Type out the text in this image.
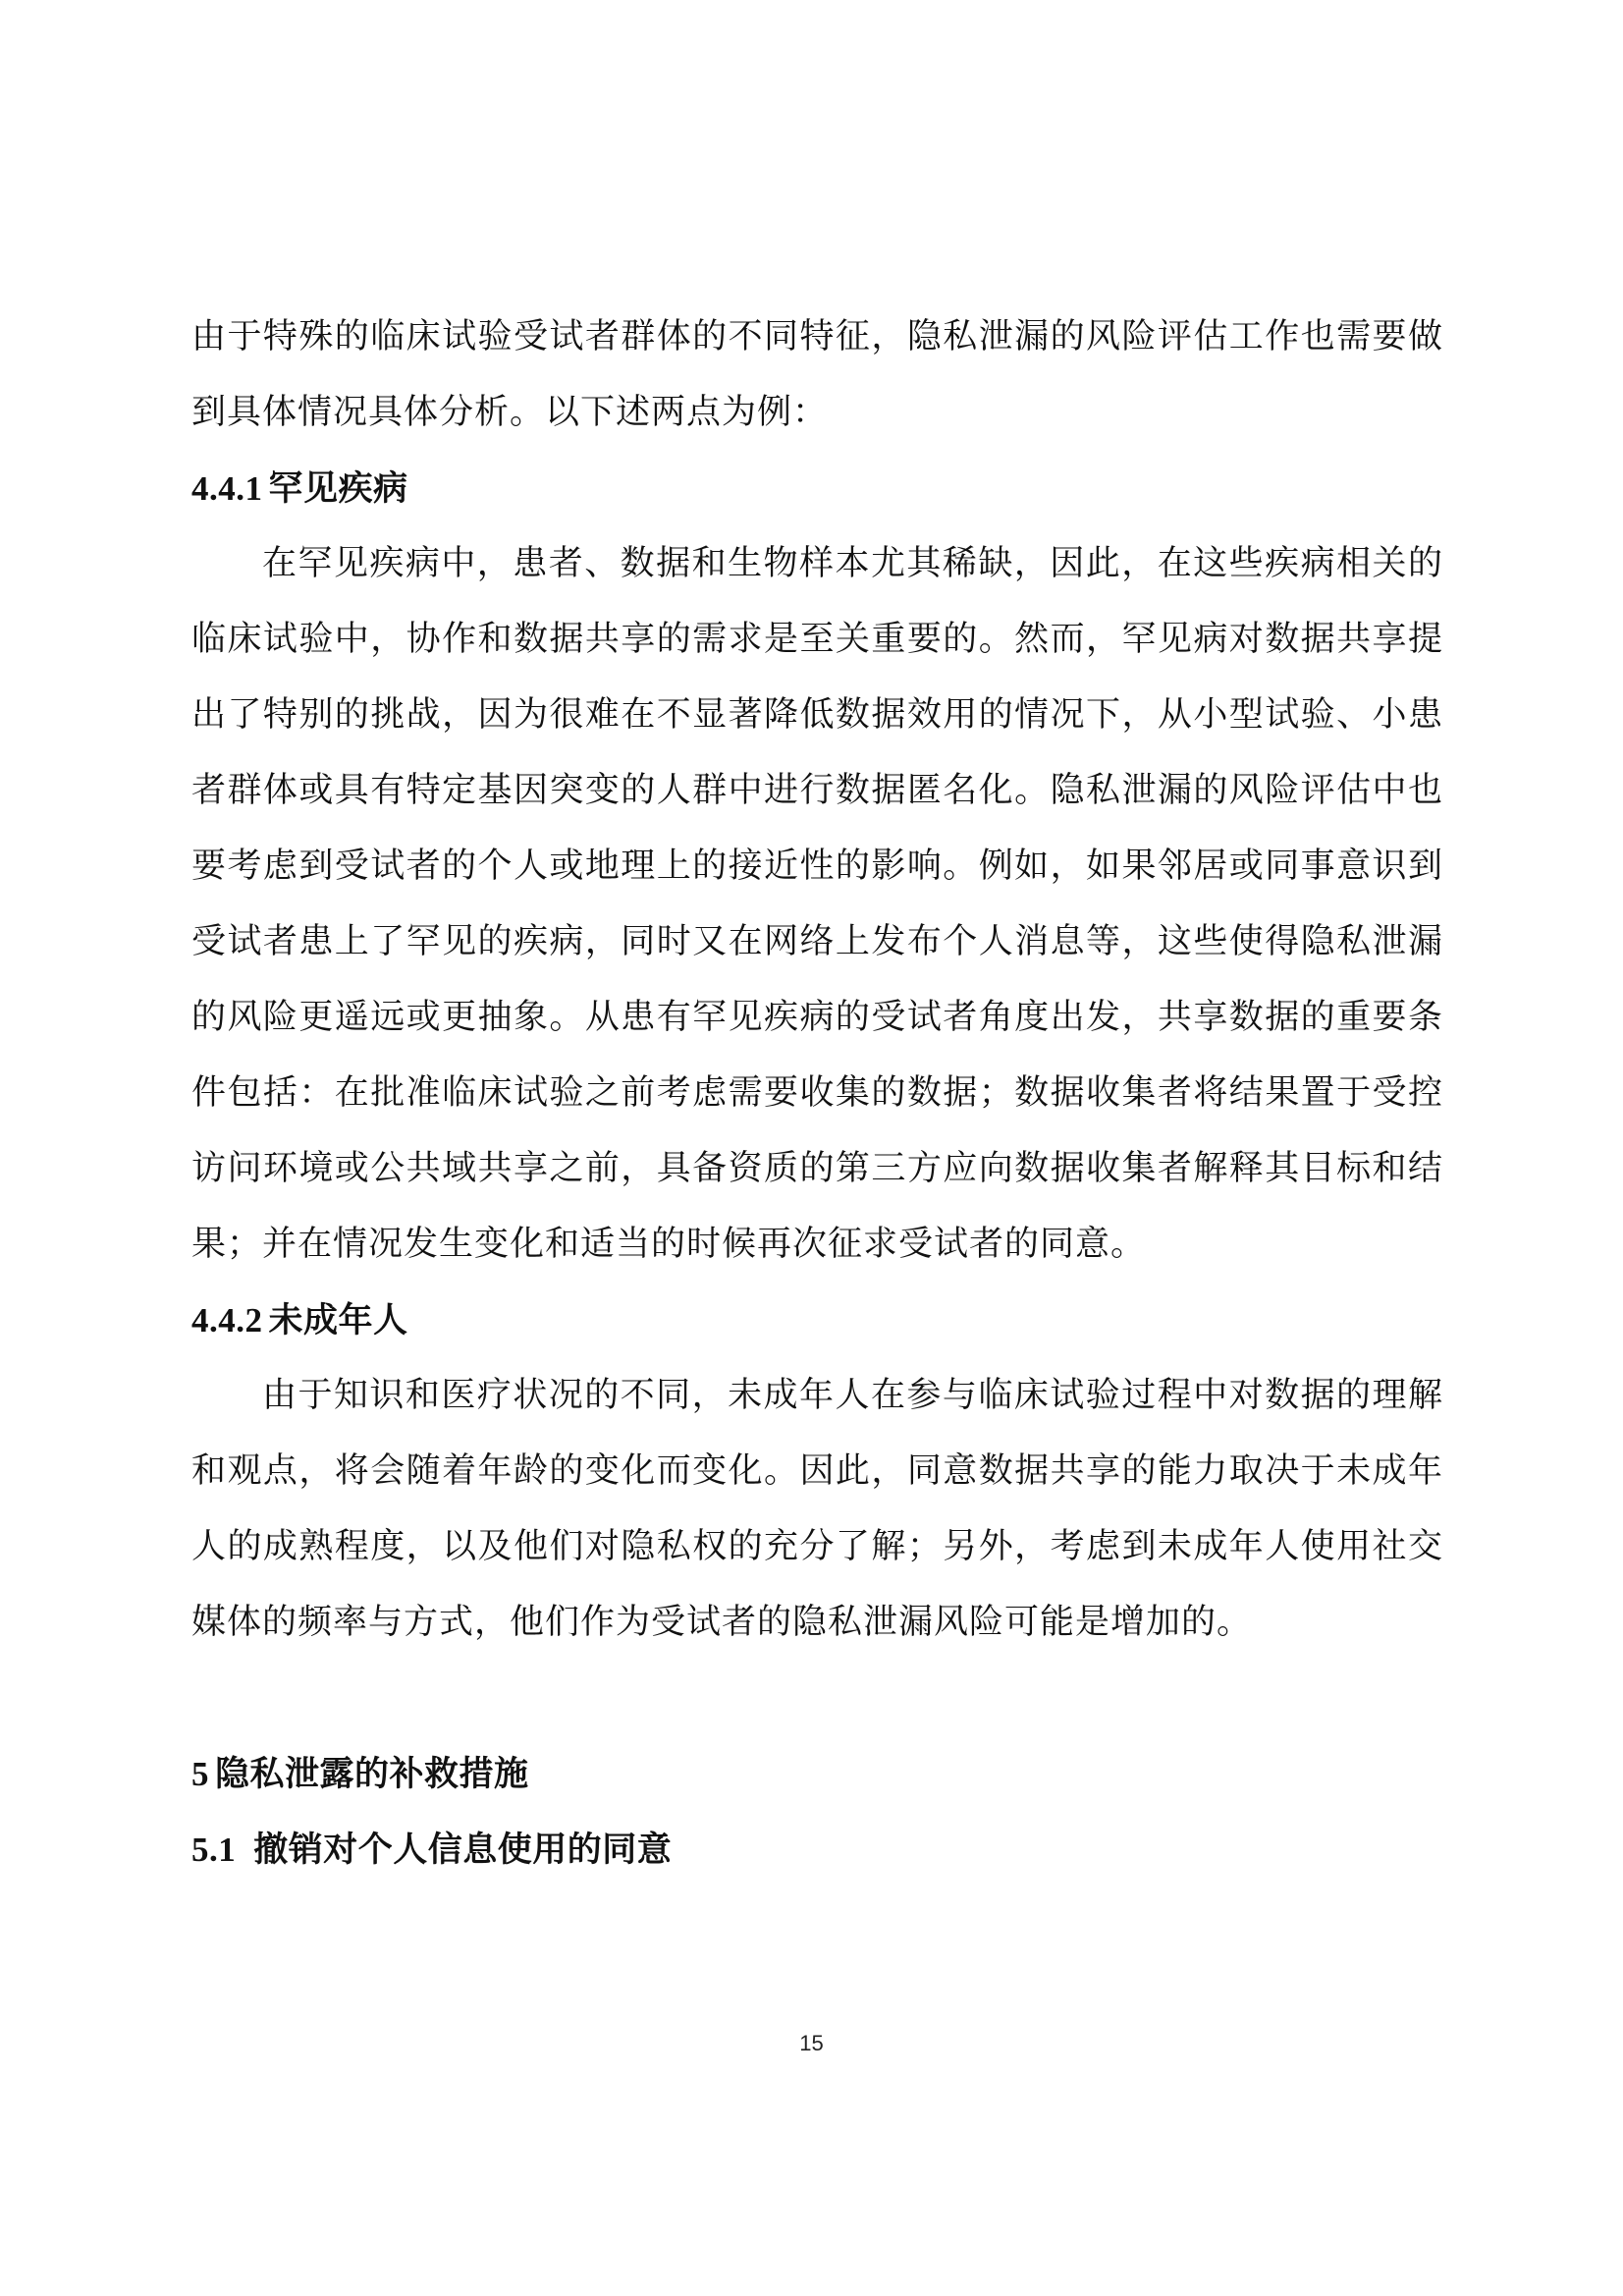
由于特殊的临床试验受试者群体的不同特征，隐私泄漏的风险评估工作也需要做到具体情况具体分析。以下述两点为例：

4.4.1 罕见疾病

在罕见疾病中，患者、数据和生物样本尤其稀缺，因此，在这些疾病相关的临床试验中，协作和数据共享的需求是至关重要的。然而，罕见病对数据共享提出了特别的挑战，因为很难在不显著降低数据效用的情况下，从小型试验、小患者群体或具有特定基因突变的人群中进行数据匿名化。隐私泄漏的风险评估中也要考虑到受试者的个人或地理上的接近性的影响。例如，如果邻居或同事意识到受试者患上了罕见的疾病，同时又在网络上发布个人消息等，这些使得隐私泄漏的风险更遥远或更抽象。从患有罕见疾病的受试者角度出发，共享数据的重要条件包括：在批准临床试验之前考虑需要收集的数据；数据收集者将结果置于受控访问环境或公共域共享之前，具备资质的第三方应向数据收集者解释其目标和结果；并在情况发生变化和适当的时候再次征求受试者的同意。

4.4.2 未成年人

由于知识和医疗状况的不同，未成年人在参与临床试验过程中对数据的理解和观点，将会随着年龄的变化而变化。因此，同意数据共享的能力取决于未成年人的成熟程度，以及他们对隐私权的充分了解；另外，考虑到未成年人使用社交媒体的频率与方式，他们作为受试者的隐私泄漏风险可能是增加的。

5 隐私泄露的补救措施
5.1 撤销对个人信息使用的同意
15
